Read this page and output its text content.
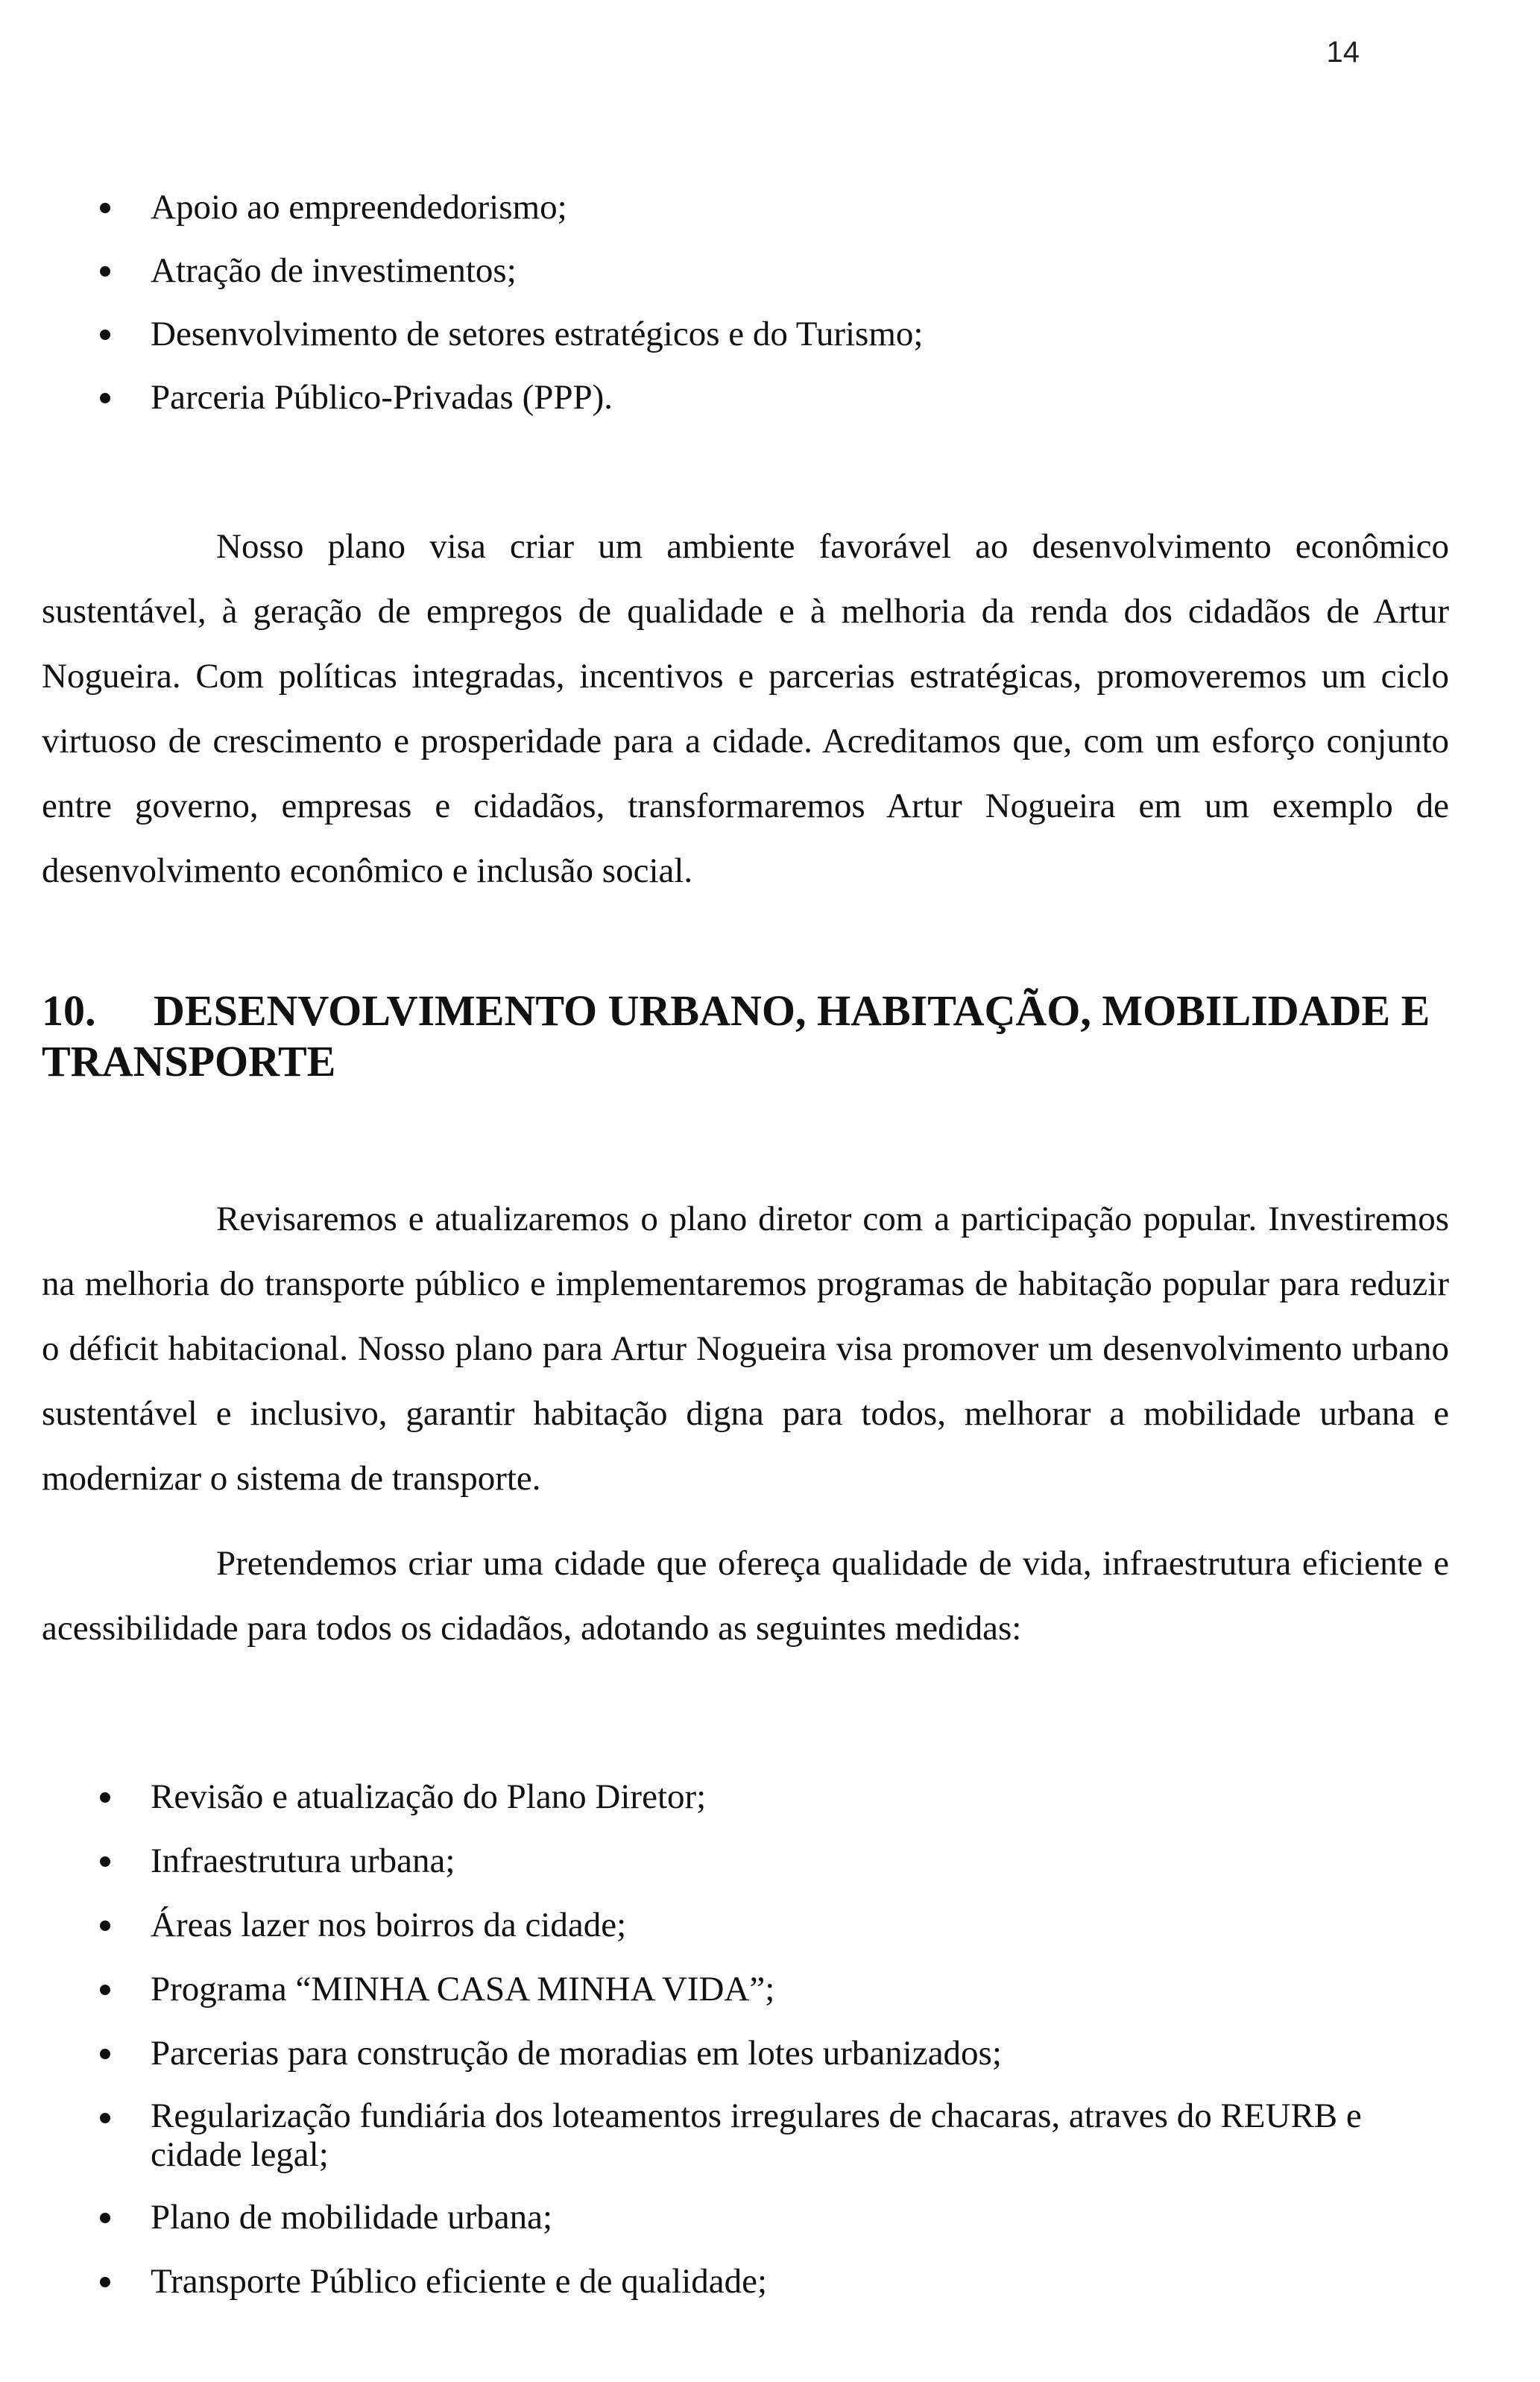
14
Apoio ao empreendedorismo;
Atração de investimentos;
Desenvolvimento de setores estratégicos e do Turismo;
Parceria Público-Privadas (PPP).

Nosso plano visa criar um ambiente favorável ao desenvolvimento econômico sustentável, à geração de empregos de qualidade e à melhoria da renda dos cidadãos de Artur Nogueira. Com políticas integradas, incentivos e parcerias estratégicas, promoveremos um ciclo virtuoso de crescimento e prosperidade para a cidade. Acreditamos que, com um esforço conjunto entre governo, empresas e cidadãos, transformaremos Artur Nogueira em um exemplo de desenvolvimento econômico e inclusão social.

10. DESENVOLVIMENTO URBANO, HABITAÇÃO, MOBILIDADE E TRANSPORTE

Revisaremos e atualizaremos o plano diretor com a participação popular. Investiremos na melhoria do transporte público e implementaremos programas de habitação popular para reduzir o déficit habitacional. Nosso plano para Artur Nogueira visa promover um desenvolvimento urbano sustentável e inclusivo, garantir habitação digna para todos, melhorar a mobilidade urbana e modernizar o sistema de transporte.

Pretendemos criar uma cidade que ofereça qualidade de vida, infraestrutura eficiente e acessibilidade para todos os cidadãos, adotando as seguintes medidas:

Revisão e atualização do Plano Diretor;
Infraestrutura urbana;
Áreas lazer nos boirros da cidade;
Programa “MINHA CASA MINHA VIDA”;
Parcerias para construção de moradias em lotes urbanizados;
Regularização fundiária dos loteamentos irregulares de chacaras, atraves do REURB e cidade legal;
Plano de mobilidade urbana;
Transporte Público eficiente e de qualidade;
